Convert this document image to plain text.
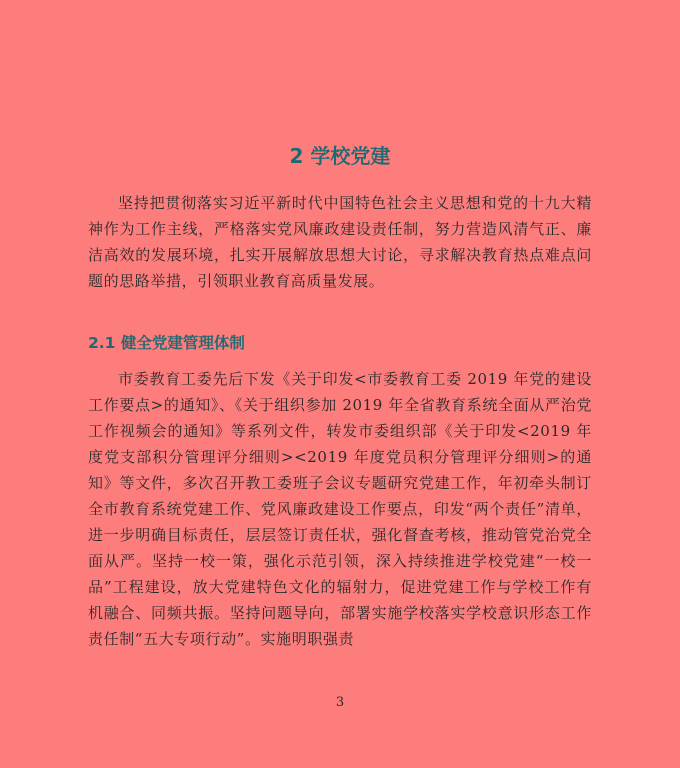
2 学校党建

坚持把贯彻落实习近平新时代中国特色社会主义思想和党的十九大精神作为工作主线，严格落实党风廉政建设责任制，努力营造风清气正、廉洁高效的发展环境，扎实开展解放思想大讨论，寻求解决教育热点难点问题的思路举措，引领职业教育高质量发展。

2.1 健全党建管理体制

市委教育工委先后下发《关于印发<市委教育工委 2019 年党的建设工作要点>的通知》、《关于组织参加 2019 年全省教育系统全面从严治党工作视频会的通知》等系列文件，转发市委组织部《关于印发<2019 年度党支部积分管理评分细则><2019 年度党员积分管理评分细则>的通知》等文件，多次召开教工委班子会议专题研究党建工作，年初牵头制订全市教育系统党建工作、党风廉政建设工作要点，印发“两个责任”清单，进一步明确目标责任，层层签订责任状，强化督查考核，推动管党治党全面从严。坚持一校一策，强化示范引领，深入持续推进学校党建“一校一品”工程建设，放大党建特色文化的辐射力，促进党建工作与学校工作有机融合、同频共振。坚持问题导向，部署实施学校落实学校意识形态工作责任制“五大专项行动”。实施明职强责

3
